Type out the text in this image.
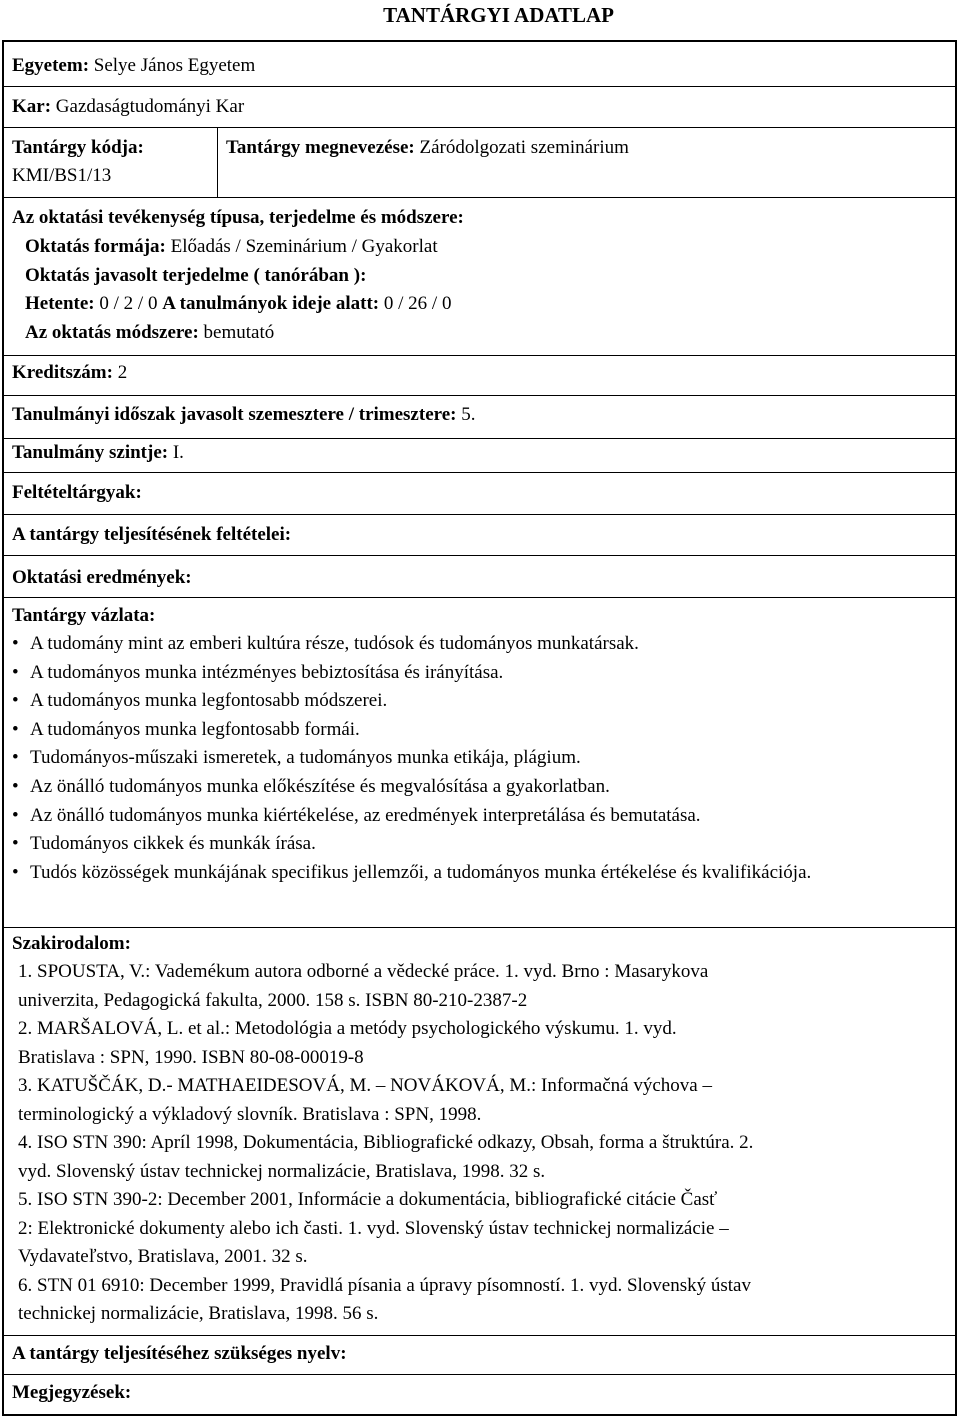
TANTÁRGYI ADATLAP
Egyetem: Selye János Egyetem
Kar: Gazdaságtudományi Kar
Tantárgy kódja:
KMI/BS1/13
Tantárgy megnevezése: Záródolgozati szeminárium
Az oktatási tevékenység típusa, terjedelme és módszere:
Oktatás formája: Előadás / Szeminárium / Gyakorlat
Oktatás javasolt terjedelme ( tanórában ):
Hetente: 0 / 2 / 0 A tanulmányok ideje alatt: 0 / 26 / 0
Az oktatás módszere: bemutató
Kreditszám: 2
Tanulmányi időszak javasolt szemesztere / trimesztere: 5.
Tanulmány szintje: I.
Feltételtárgyak:
A tantárgy teljesítésének feltételei:
Oktatási eredmények:
Tantárgy vázlata:
• A tudomány mint az emberi kultúra része, tudósok és tudományos munkatársak.
• A tudományos munka intézményes bebiztosítása és irányítása.
• A tudományos munka legfontosabb módszerei.
• A tudományos munka legfontosabb formái.
• Tudományos-műszaki ismeretek, a tudományos munka etikája, plágium.
• Az önálló tudományos munka előkészítése és megvalósítása a gyakorlatban.
• Az önálló tudományos munka kiértékelése, az eredmények interpretálása és bemutatása.
• Tudományos cikkek és munkák írása.
• Tudós közösségek munkájának specifikus jellemzői, a tudományos munka értékelése és kvalifikációja.
Szakirodalom:
1. SPOUSTA, V.: Vademékum autora odborné a vědecké práce. 1. vyd. Brno : Masarykova
univerzita, Pedagogická fakulta, 2000. 158 s. ISBN 80-210-2387-2
2. MARŠALOVÁ, L. et al.: Metodológia a metódy psychologického výskumu. 1. vyd.
Bratislava : SPN, 1990. ISBN 80-08-00019-8
3. KATUŠČÁK, D.- MATHAEIDESOVÁ, M. – NOVÁKOVÁ, M.: Informačná výchova –
terminologický a výkladový slovník. Bratislava : SPN, 1998.
4. ISO STN 390: Apríl 1998, Dokumentácia, Bibliografické odkazy, Obsah, forma a štruktúra. 2.
vyd. Slovenský ústav technickej normalizácie, Bratislava, 1998. 32 s.
5. ISO STN 390-2: December 2001, Informácie a dokumentácia, bibliografické citácie Časť
2: Elektronické dokumenty alebo ich časti. 1. vyd. Slovenský ústav technickej normalizácie –
Vydavateľstvo, Bratislava, 2001. 32 s.
6. STN 01 6910: December 1999, Pravidlá písania a úpravy písomností. 1. vyd. Slovenský ústav
technickej normalizácie, Bratislava, 1998. 56 s.
A tantárgy teljesítéséhez szükséges nyelv:
Megjegyzések:
